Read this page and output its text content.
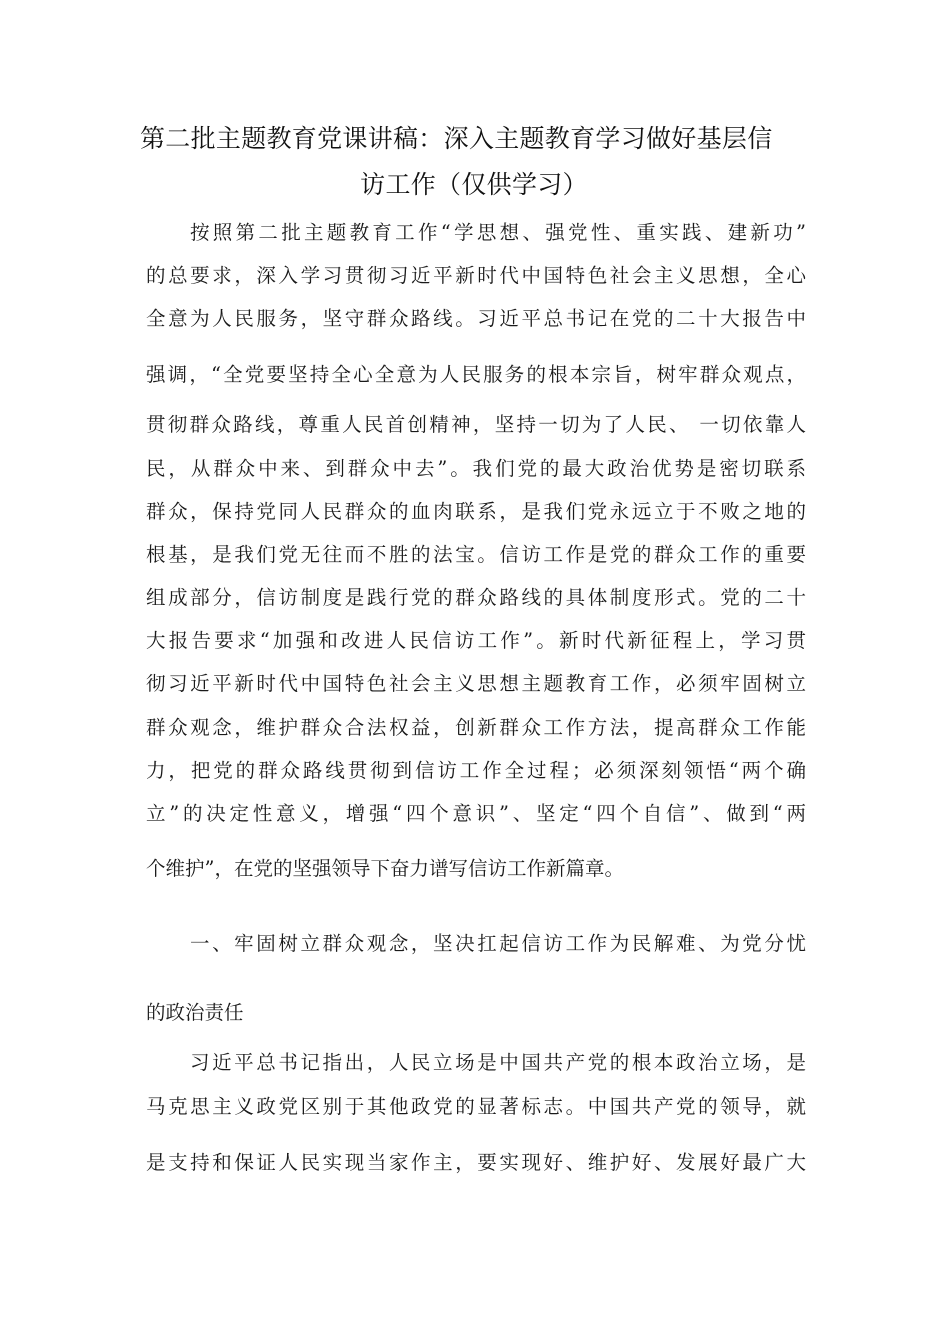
第二批主题教育党课讲稿：深入主题教育学习做好基层信
访工作（仅供学习）
按照第二批主题教育工作“学思想、强党性、重实践、建新功”
的总要求，深入学习贯彻习近平新时代中国特色社会主义思想，全心
全意为人民服务，坚守群众路线。习近平总书记在党的二十大报告中
强调，“全党要坚持全心全意为人民服务的根本宗旨，树牢群众观点，
贯彻群众路线，尊重人民首创精神，坚持一切为了人民、 一切依靠人
民，从群众中来、到群众中去”。我们党的最大政治优势是密切联系
群众，保持党同人民群众的血肉联系，是我们党永远立于不败之地的
根基，是我们党无往而不胜的法宝。信访工作是党的群众工作的重要
组成部分，信访制度是践行党的群众路线的具体制度形式。党的二十
大报告要求“加强和改进人民信访工作”。新时代新征程上，学习贯
彻习近平新时代中国特色社会主义思想主题教育工作，必须牢固树立
群众观念，维护群众合法权益，创新群众工作方法，提高群众工作能
力，把党的群众路线贯彻到信访工作全过程；必须深刻领悟“两个确
立”的决定性意义，增强“四个意识”、坚定“四个自信”、做到“两
个维护”，在党的坚强领导下奋力谱写信访工作新篇章。
一、牢固树立群众观念，坚决扛起信访工作为民解难、为党分忧
的政治责任
习近平总书记指出，人民立场是中国共产党的根本政治立场，是
马克思主义政党区别于其他政党的显著标志。中国共产党的领导，就
是支持和保证人民实现当家作主，要实现好、维护好、发展好最广大
